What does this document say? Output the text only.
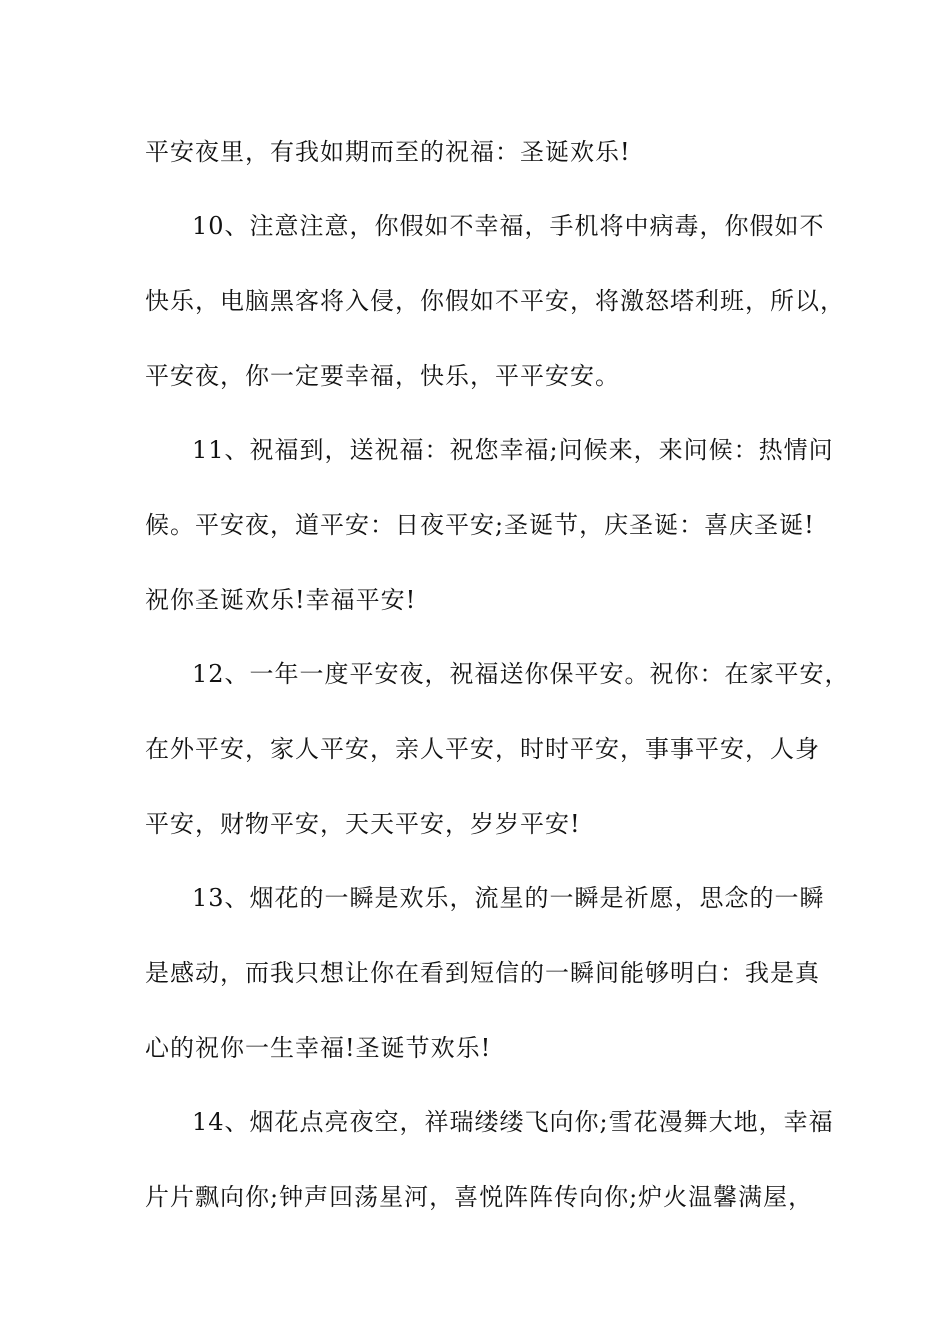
平安夜里，有我如期而至的祝福：圣诞欢乐!
10、注意注意，你假如不幸福，手机将中病毒，你假如不
快乐，电脑黑客将入侵，你假如不平安，将激怒塔利班，所以，
平安夜，你一定要幸福，快乐，平平安安。
11、祝福到，送祝福：祝您幸福;问候来，来问候：热情问
候。平安夜，道平安：日夜平安;圣诞节，庆圣诞：喜庆圣诞!
祝你圣诞欢乐!幸福平安!
12、一年一度平安夜，祝福送你保平安。祝你：在家平安，
在外平安，家人平安，亲人平安，时时平安，事事平安，人身
平安，财物平安，天天平安，岁岁平安!
13、烟花的一瞬是欢乐，流星的一瞬是祈愿，思念的一瞬
是感动，而我只想让你在看到短信的一瞬间能够明白：我是真
心的祝你一生幸福!圣诞节欢乐!
14、烟花点亮夜空，祥瑞缕缕飞向你;雪花漫舞大地，幸福
片片飘向你;钟声回荡星河，喜悦阵阵传向你;炉火温馨满屋，
